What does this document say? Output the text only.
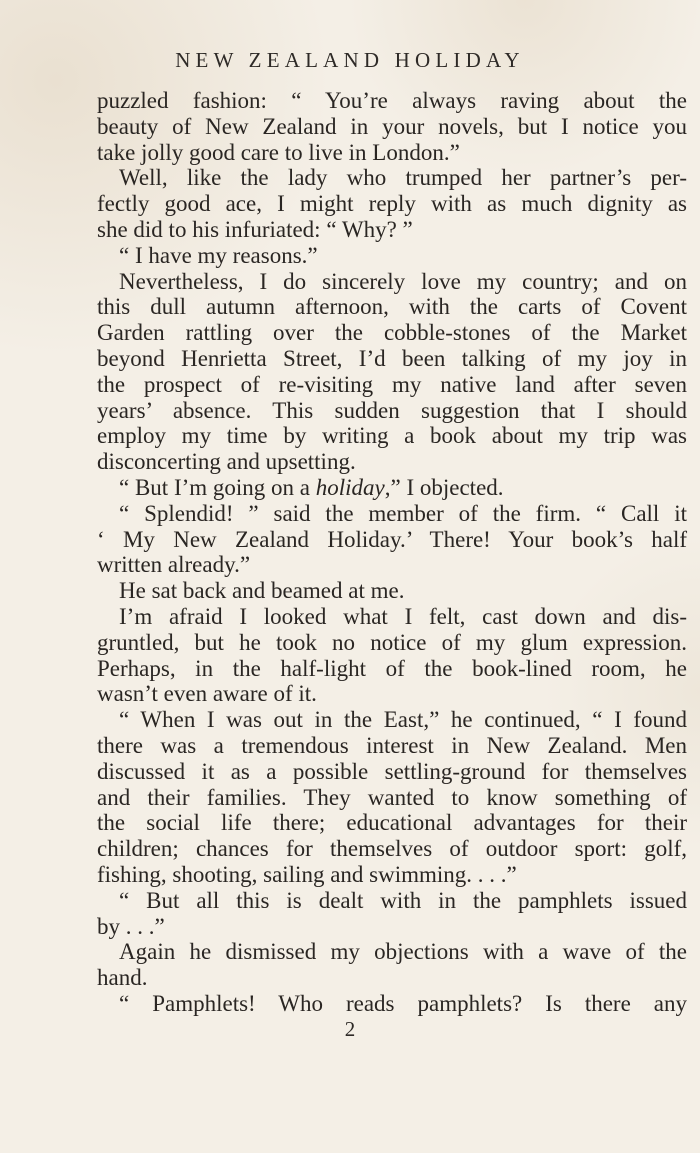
NEW ZEALAND HOLIDAY
puzzled fashion: “ You’re always raving about the
beauty of New Zealand in your novels, but I notice you
take jolly good care to live in London.”
Well, like the lady who trumped her partner’s per-
fectly good ace, I might reply with as much dignity as
she did to his infuriated: “ Why? ”
“ I have my reasons.”
Nevertheless, I do sincerely love my country; and on
this dull autumn afternoon, with the carts of Covent
Garden rattling over the cobble-stones of the Market
beyond Henrietta Street, I’d been talking of my joy in
the prospect of re-visiting my native land after seven
years’ absence. This sudden suggestion that I should
employ my time by writing a book about my trip was
disconcerting and upsetting.
“ But I’m going on a holiday,” I objected.
“ Splendid! ” said the member of the firm. “ Call it
‘ My New Zealand Holiday.’ There! Your book’s half
written already.”
He sat back and beamed at me.
I’m afraid I looked what I felt, cast down and dis-
gruntled, but he took no notice of my glum expression.
Perhaps, in the half-light of the book-lined room, he
wasn’t even aware of it.
“ When I was out in the East,” he continued, “ I found
there was a tremendous interest in New Zealand. Men
discussed it as a possible settling-ground for themselves
and their families. They wanted to know something of
the social life there; educational advantages for their
children; chances for themselves of outdoor sport: golf,
fishing, shooting, sailing and swimming. . . .”
“ But all this is dealt with in the pamphlets issued
by . . .”
Again he dismissed my objections with a wave of the
hand.
“ Pamphlets! Who reads pamphlets? Is there any
2
